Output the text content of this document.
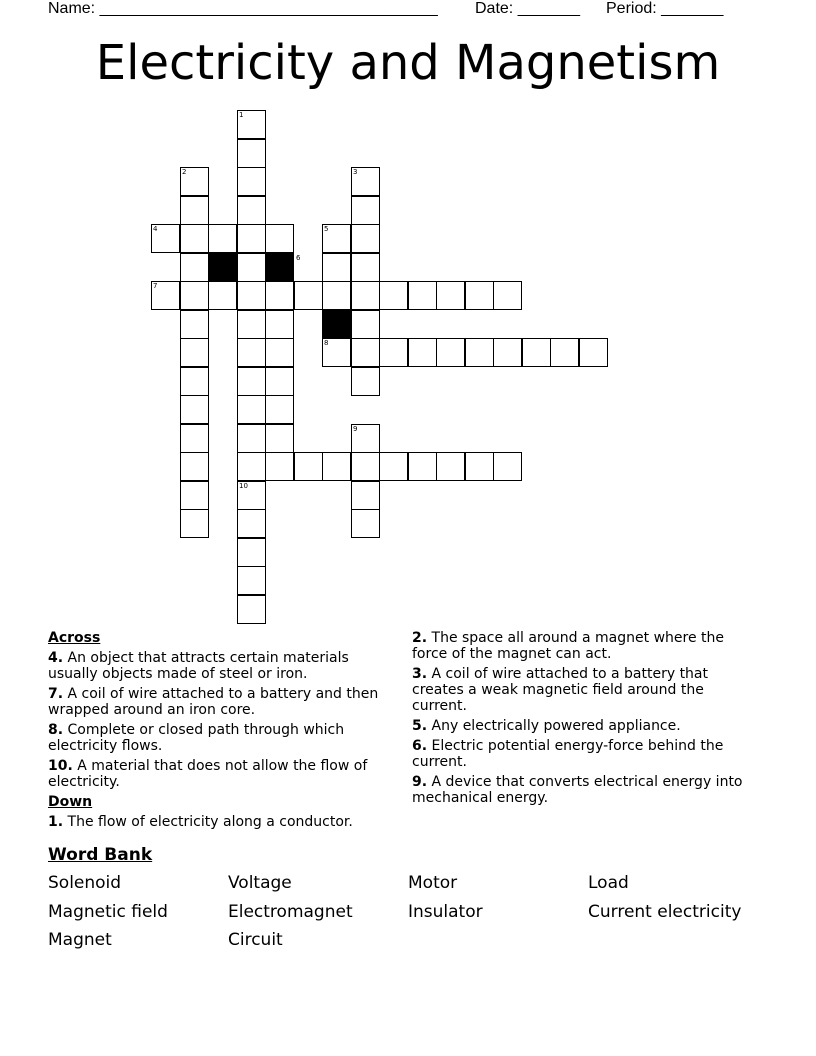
Name: ______________________________________ Date: _______ Period: _______
Electricity and Magnetism
1
2	3
4	5
6
7
8
9
10
Across
4. An object that attracts certain materials usually objects made of steel or iron.
7. A coil of wire attached to a battery and then wrapped around an iron core.
8. Complete or closed path through which electricity flows.
10. A material that does not allow the flow of electricity.
Down
1. The flow of electricity along a conductor.
2. The space all around a magnet where the force of the magnet can act.
3. A coil of wire attached to a battery that creates a weak magnetic field around the current.
5. Any electrically powered appliance.
6. Electric potential energy-force behind the current.
9. A device that converts electrical energy into mechanical energy.
Word Bank
Solenoid	Voltage	Motor	Load
Magnetic field	Electromagnet	Insulator	Current electricity
Magnet	Circuit
